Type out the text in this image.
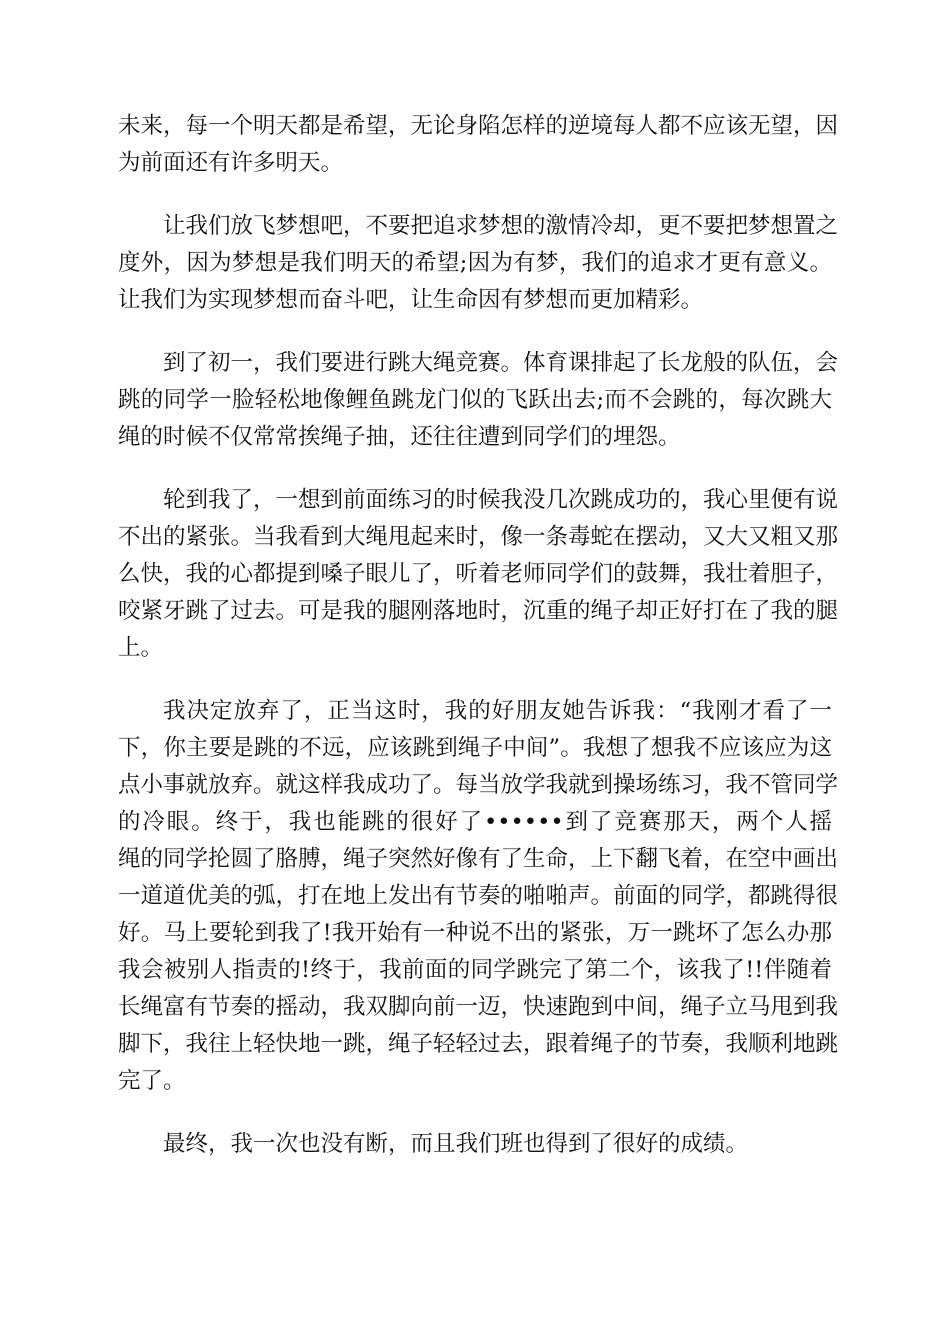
未来，每一个明天都是希望，无论身陷怎样的逆境每人都不应该无望，因
为前面还有许多明天。

让我们放飞梦想吧，不要把追求梦想的激情冷却，更不要把梦想置之
度外，因为梦想是我们明天的希望;因为有梦，我们的追求才更有意义。
让我们为实现梦想而奋斗吧，让生命因有梦想而更加精彩。

到了初一，我们要进行跳大绳竞赛。体育课排起了长龙般的队伍，会
跳的同学一脸轻松地像鲤鱼跳龙门似的飞跃出去;而不会跳的，每次跳大
绳的时候不仅常常挨绳子抽，还往往遭到同学们的埋怨。

轮到我了，一想到前面练习的时候我没几次跳成功的，我心里便有说
不出的紧张。当我看到大绳甩起来时，像一条毒蛇在摆动，又大又粗又那
么快，我的心都提到嗓子眼儿了，听着老师同学们的鼓舞，我壮着胆子，
咬紧牙跳了过去。可是我的腿刚落地时，沉重的绳子却正好打在了我的腿
上。

我决定放弃了，正当这时，我的好朋友她告诉我：“我刚才看了一
下，你主要是跳的不远，应该跳到绳子中间”。我想了想我不应该应为这
点小事就放弃。就这样我成功了。每当放学我就到操场练习，我不管同学
的冷眼。终于，我也能跳的很好了••••••到了竞赛那天，两个人摇
绳的同学抡圆了胳膊，绳子突然好像有了生命，上下翻飞着，在空中画出
一道道优美的弧，打在地上发出有节奏的啪啪声。前面的同学，都跳得很
好。马上要轮到我了!我开始有一种说不出的紧张，万一跳坏了怎么办那
我会被别人指责的!终于，我前面的同学跳完了第二个，该我了!!伴随着
长绳富有节奏的摇动，我双脚向前一迈，快速跑到中间，绳子立马甩到我
脚下，我往上轻快地一跳，绳子轻轻过去，跟着绳子的节奏，我顺利地跳
完了。

最终，我一次也没有断，而且我们班也得到了很好的成绩。
